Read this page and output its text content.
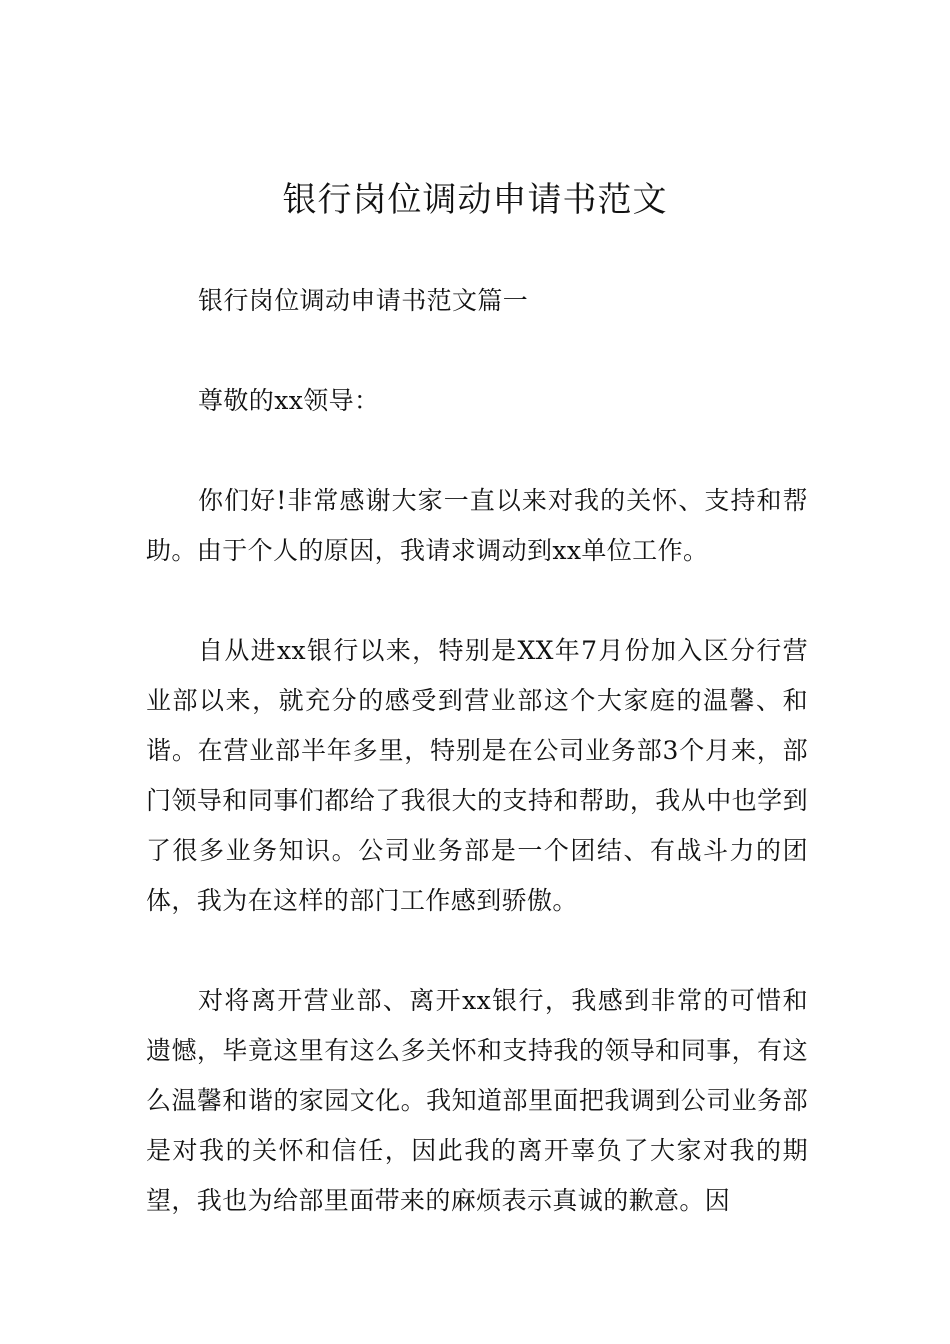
银行岗位调动申请书范文

银行岗位调动申请书范文篇一

尊敬的xx领导：

你们好!非常感谢大家一直以来对我的关怀、支持和帮助。由于个人的原因，我请求调动到xx单位工作。

自从进xx银行以来，特别是XX年7月份加入区分行营业部以来，就充分的感受到营业部这个大家庭的温馨、和谐。在营业部半年多里，特别是在公司业务部3个月来，部门领导和同事们都给了我很大的支持和帮助，我从中也学到了很多业务知识。公司业务部是一个团结、有战斗力的团体，我为在这样的部门工作感到骄傲。

对将离开营业部、离开xx银行，我感到非常的可惜和遗憾，毕竟这里有这么多关怀和支持我的领导和同事，有这么温馨和谐的家园文化。我知道部里面把我调到公司业务部是对我的关怀和信任，因此我的离开辜负了大家对我的期望，我也为给部里面带来的麻烦表示真诚的歉意。因
